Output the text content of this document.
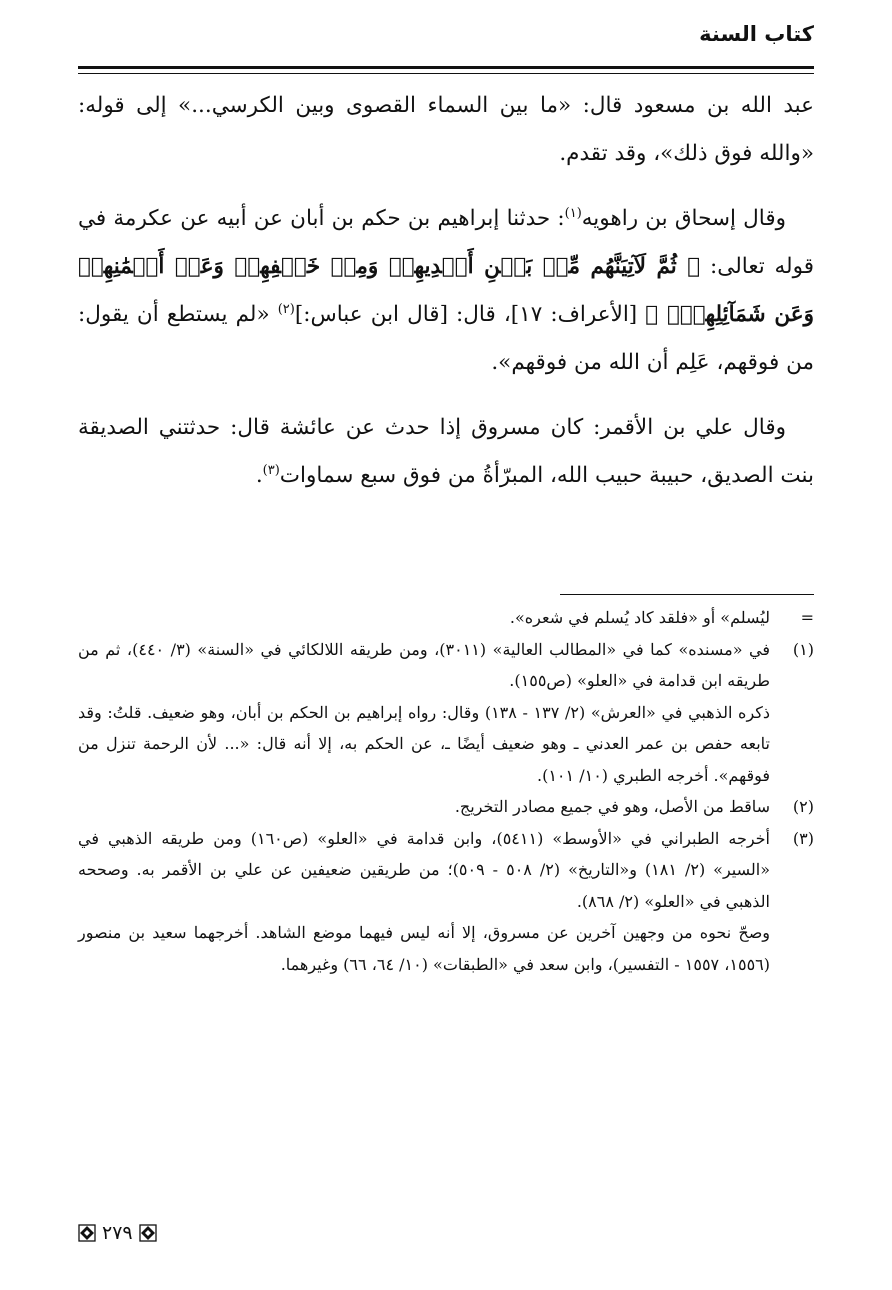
كتاب السنة

عبد الله بن مسعود قال: «ما بين السماء القصوى وبين الكرسي...» إلى قوله: «والله فوق ذلك»، وقد تقدم.

وقال إسحاق بن راهويه$^{(١)}$: حدثنا إبراهيم بن حكم بن أبان عن أبيه عن عكرمة في قوله تعالى: ﴿ ثُمَّ لَآتِيَنَّهُم مِّنۢ بَيۡنِ أَيۡدِيهِمۡ وَمِنۡ خَلۡفِهِمۡ وَعَنۡ أَيۡمَٰنِهِمۡ وَعَن شَمَآئِلِهِمۡۖ ﴾ [الأعراف: ١٧]، قال: [قال ابن عباس:]$^{(٢)}$ «لم يستطع أن يقول: من فوقهم، عَلِم أن الله من فوقهم».

وقال علي بن الأقمر: كان مسروق إذا حدث عن عائشة قال: حدثتني الصديقة بنت الصديق، حبيبة حبيب الله، المبرّأةُ من فوق سبع سماوات$^{(٣)}$.

=
ليُسلم» أو «فلقد كاد يُسلم في شعره».
(١)
في «مسنده» كما في «المطالب العالية» (٣٠١١)، ومن طريقه اللالكائي في «السنة» (٣/ ٤٤٠)، ثم من طريقه ابن قدامة في «العلو» (ص١٥٥).
ذكره الذهبي في «العرش» (٢/ ١٣٧ - ١٣٨) وقال: رواه إبراهيم بن الحكم بن أبان، وهو ضعيف. قلتُ: وقد تابعه حفص بن عمر العدني ـ وهو ضعيف أيضًا ـ، عن الحكم به، إلا أنه قال: «... لأن الرحمة تنزل من فوقهم». أخرجه الطبري (١٠/ ١٠١).
(٢)
ساقط من الأصل، وهو في جميع مصادر التخريج.
(٣)
أخرجه الطبراني في «الأوسط» (٥٤١١)، وابن قدامة في «العلو» (ص١٦٠) ومن طريقه الذهبي في «السير» (٢/ ١٨١) و«التاريخ» (٢/ ٥٠٨ - ٥٠٩)؛ من طريقين ضعيفين عن علي بن الأقمر به. وصححه الذهبي في «العلو» (٢/ ٨٦٨).
وصحّ نحوه من وجهين آخرين عن مسروق، إلا أنه ليس فيهما موضع الشاهد. أخرجهما سعيد بن منصور (١٥٥٦، ١٥٥٧ - التفسير)، وابن سعد في «الطبقات» (١٠/ ٦٤، ٦٦) وغيرهما.
٢٧٩
